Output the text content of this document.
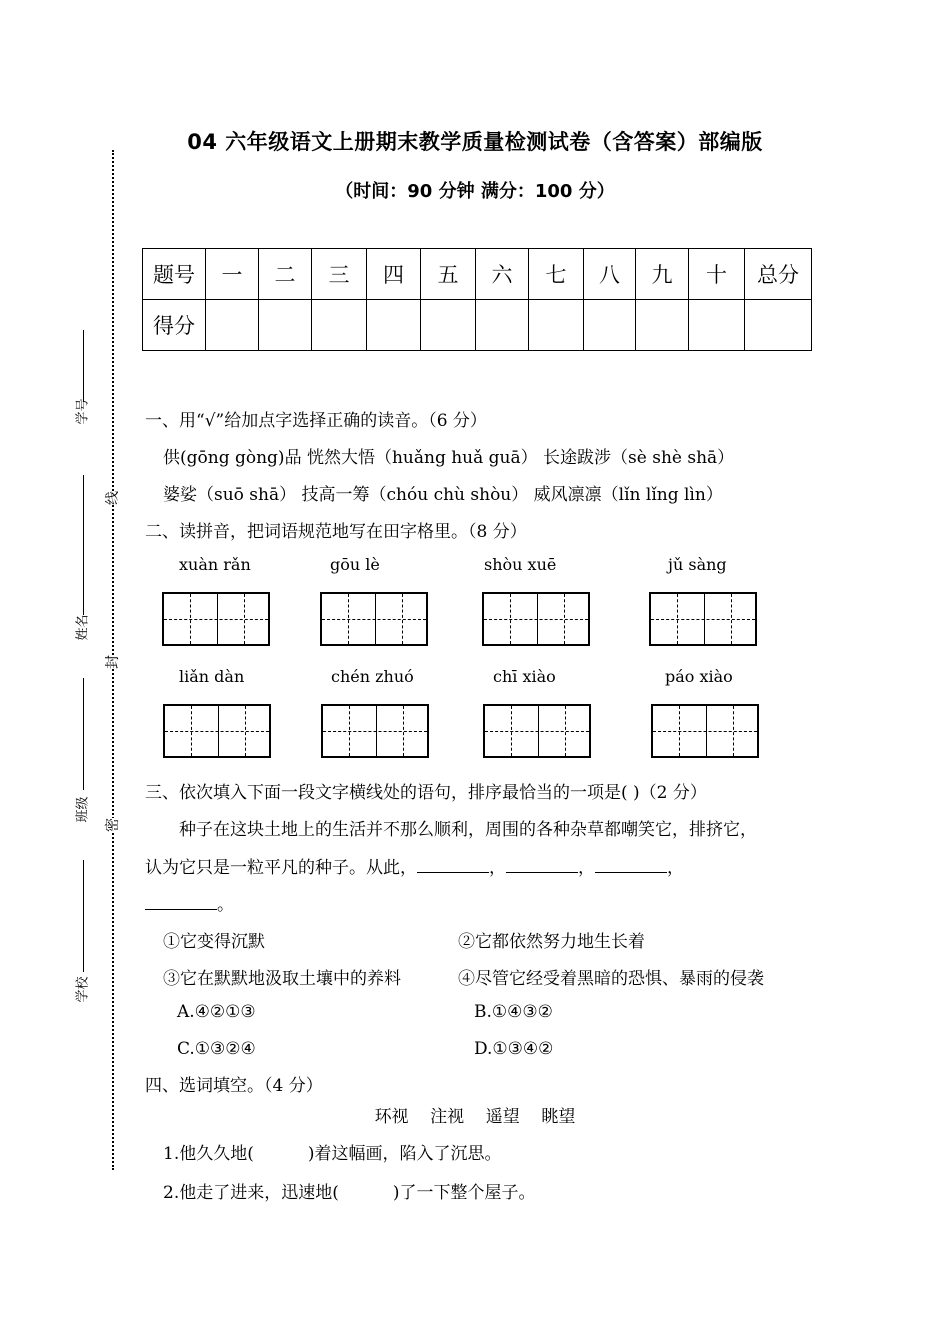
04 六年级语文上册期末教学质量检测试卷（含答案）部编版
（时间：90 分钟 满分：100 分）
题号	一	二	三	四	五	六	七	八	九	十	总分
得分											
线
封
密
学号
姓名
班级
学校
一、用“√”给加点字选择正确的读音。（6 分）
供(gōng gòng)品 恍然大悟（huǎng huǎ guā） 长途跋涉（sè shè shā）
婆娑（suō shā） 技高一筹（chóu chù shòu） 威风凛凛（lǐn lǐng lìn）
二、读拼音，把词语规范地写在田字格里。（8 分）
xuàn rǎn	gōu lè	shòu xuē	jǔ sàng
liǎn dàn	chén zhuó	chī xiào	páo xiào
三、依次填入下面一段文字横线处的语句，排序最恰当的一项是( )（2 分）
种子在这块土地上的生活并不那么顺利，周围的各种杂草都嘲笑它，排挤它，
认为它只是一粒平凡的种子。从此，	，	，	，
。
①它变得沉默	②它都依然努力地生长着
③它在默默地汲取土壤中的养料	④尽管它经受着黑暗的恐惧、暴雨的侵袭
A.④②①③	B.①④③②
C.①③②④	D.①③④②
四、选词填空。（4 分）
环视    注视    遥望    眺望
1.他久久地(          )着这幅画，陷入了沉思。
2.他走了进来，迅速地(          )了一下整个屋子。
